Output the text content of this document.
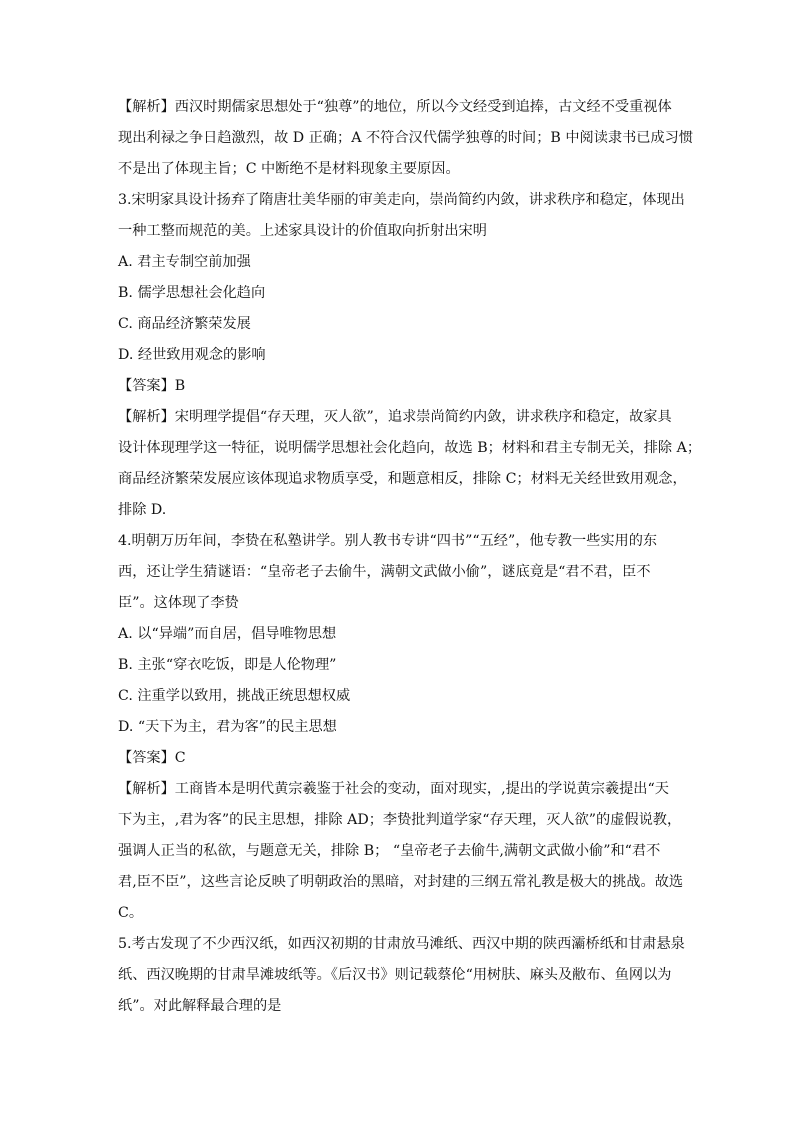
【解析】西汉时期儒家思想处于“独尊”的地位，所以今文经受到追捧，古文经不受重视体
现出利禄之争日趋激烈，故 D 正确；A 不符合汉代儒学独尊的时间；B 中阅读隶书已成习惯
不是出了体现主旨；C 中断绝不是材料现象主要原因。
3.宋明家具设计扬弃了隋唐壮美华丽的审美走向，崇尚简约内敛，讲求秩序和稳定，体现出
一种工整而规范的美。上述家具设计的价值取向折射出宋明
A. 君主专制空前加强
B. 儒学思想社会化趋向
C. 商品经济繁荣发展
D. 经世致用观念的影响
【答案】B
【解析】宋明理学提倡“存天理，灭人欲”，追求崇尚简约内敛，讲求秩序和稳定，故家具
设计体现理学这一特征，说明儒学思想社会化趋向，故选 B；材料和君主专制无关，排除 A；
商品经济繁荣发展应该体现追求物质享受，和题意相反，排除 C；材料无关经世致用观念，
排除 D.
4.明朝万历年间，李贽在私塾讲学。别人教书专讲“四书”“五经”，他专教一些实用的东
西，还让学生猜谜语：“皇帝老子去偷牛，满朝文武做小偷”，谜底竟是“君不君，臣不
臣”。这体现了李贽
A. 以“异端”而自居，倡导唯物思想
B. 主张“穿衣吃饭，即是人伦物理”
C. 注重学以致用，挑战正统思想权威
D. “天下为主，君为客”的民主思想
【答案】C
【解析】工商皆本是明代黄宗羲鉴于社会的变动，面对现实，,提出的学说黄宗羲提出“天
下为主，,君为客”的民主思想，排除 AD；李贽批判道学家“存天理，灭人欲”的虚假说教，
强调人正当的私欲，与题意无关，排除 B； “皇帝老子去偷牛,满朝文武做小偷”和“君不
君,臣不臣”，这些言论反映了明朝政治的黑暗，对封建的三纲五常礼教是极大的挑战。故选
C。
5.考古发现了不少西汉纸，如西汉初期的甘肃放马滩纸、西汉中期的陕西灞桥纸和甘肃悬泉
纸、西汉晚期的甘肃旱滩坡纸等。《后汉书》则记载蔡伦“用树肤、麻头及敝布、鱼网以为
纸”。对此解释最合理的是
